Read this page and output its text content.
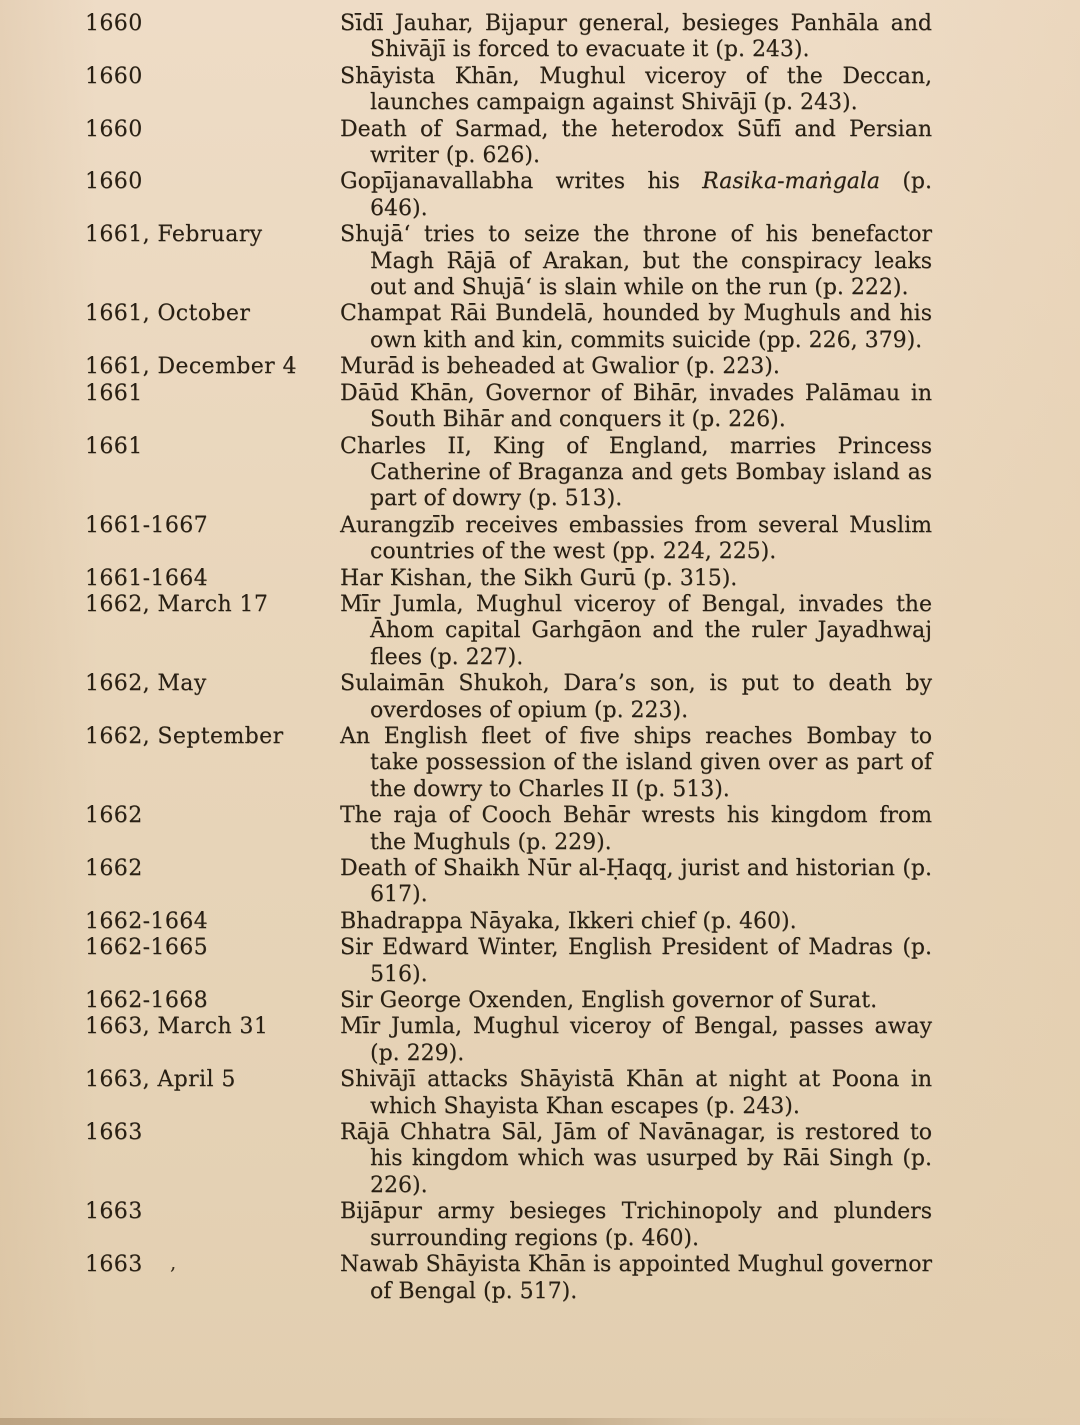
1660	Sīdī Jauhar, Bijapur general, besieges Panhāla and Shivājī is forced to evacuate it (p. 243).
1660	Shāyista Khān, Mughul viceroy of the Deccan, launches campaign against Shivājī (p. 243).
1660	Death of Sarmad, the heterodox Sūfī and Persian writer (p. 626).
1660	Gopījanavallabha writes his Rasika-maṅgala (p. 646).
1661, February	Shujā‘ tries to seize the throne of his benefactor Magh Rājā of Arakan, but the conspiracy leaks out and Shujā‘ is slain while on the run (p. 222).
1661, October	Champat Rāi Bundelā, hounded by Mughuls and his own kith and kin, commits suicide (pp. 226, 379).
1661, December 4	Murād is beheaded at Gwalior (p. 223).
1661	Dāūd Khān, Governor of Bihār, invades Palāmau in South Bihār and conquers it (p. 226).
1661	Charles II, King of England, marries Princess Catherine of Braganza and gets Bombay island as part of dowry (p. 513).
1661-1667	Aurangzīb receives embassies from several Muslim countries of the west (pp. 224, 225).
1661-1664	Har Kishan, the Sikh Gurū (p. 315).
1662, March 17	Mīr Jumla, Mughul viceroy of Bengal, invades the Āhom capital Garhgāon and the ruler Jayadhwaj flees (p. 227).
1662, May	Sulaimān Shukoh, Dara’s son, is put to death by overdoses of opium (p. 223).
1662, September	An English fleet of five ships reaches Bombay to take possession of the island given over as part of the dowry to Charles II (p. 513).
1662	The raja of Cooch Behār wrests his kingdom from the Mughuls (p. 229).
1662	Death of Shaikh Nūr al-Ḥaqq, jurist and historian (p. 617).
1662-1664	Bhadrappa Nāyaka, Ikkeri chief (p. 460).
1662-1665	Sir Edward Winter, English President of Madras (p. 516).
1662-1668	Sir George Oxenden, English governor of Surat.
1663, March 31	Mīr Jumla, Mughul viceroy of Bengal, passes away (p. 229).
1663, April 5	Shivājī attacks Shāyistā Khān at night at Poona in which Shayista Khan escapes (p. 243).
1663	Rājā Chhatra Sāl, Jām of Navānagar, is restored to his kingdom which was usurped by Rāi Singh (p. 226).
1663	Bijāpur army besieges Trichinopoly and plunders surrounding regions (p. 460).
1663	Nawab Shāyista Khān is appointed Mughul governor of Bengal (p. 517).
,
